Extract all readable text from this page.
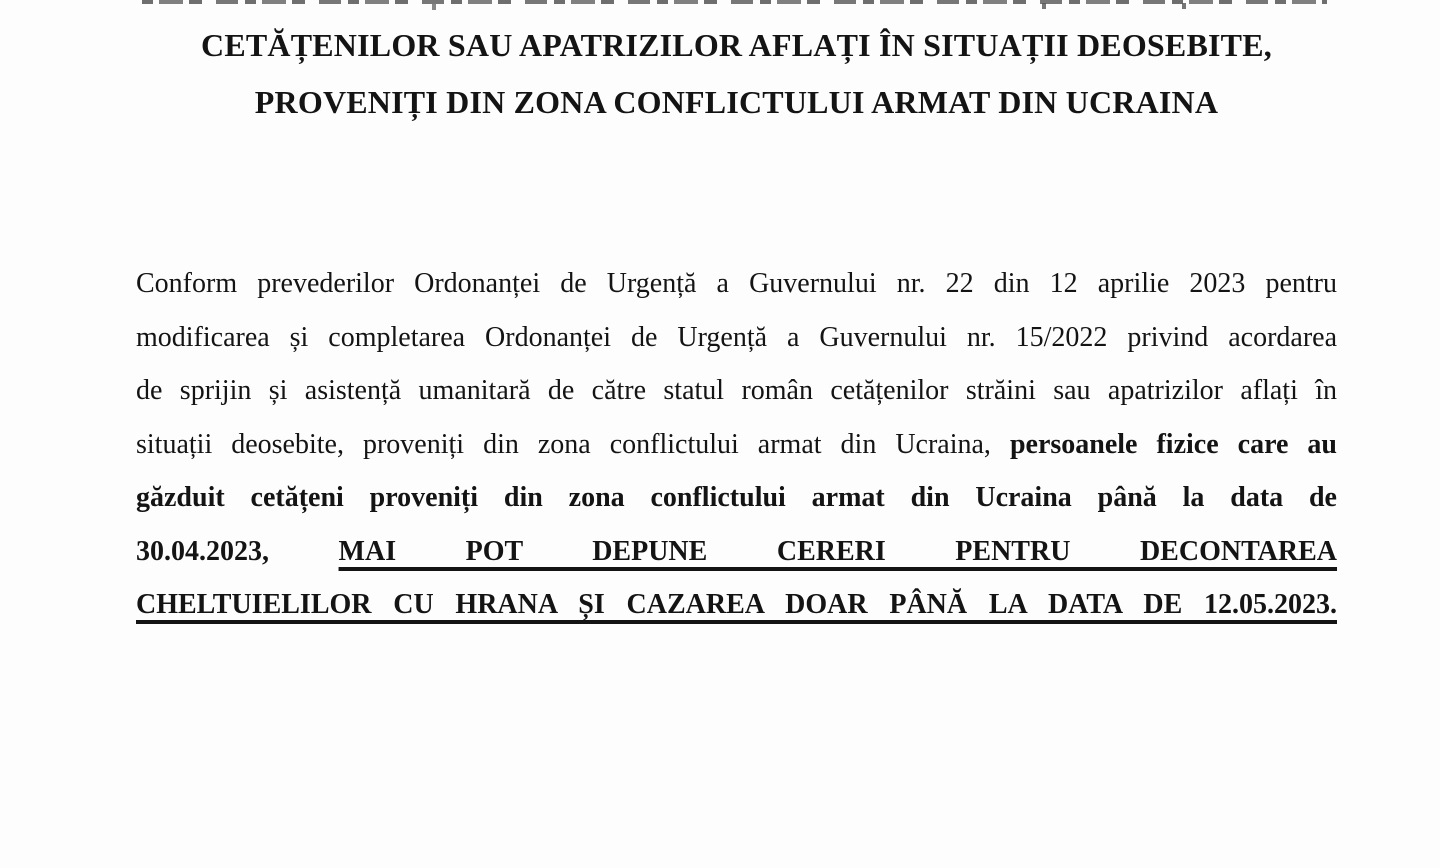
CETĂȚENILOR SAU APATRIZILOR AFLAȚI ÎN SITUAȚII DEOSEBITE,
PROVENIȚI DIN ZONA CONFLICTULUI ARMAT DIN UCRAINA
Conform prevederilor Ordonanței de Urgență a Guvernului nr. 22 din 12 aprilie 2023 pentru
modificarea și completarea Ordonanței de Urgență a Guvernului nr. 15/2022 privind acordarea
de sprijin și asistență umanitară de către statul român cetățenilor străini sau apatrizilor aflați în
situații deosebite, proveniți din zona conflictului armat din Ucraina, persoanele fizice care au
găzduit cetățeni proveniți din zona conflictului armat din Ucraina până la data de
30.04.2023, MAI POT DEPUNE CERERI PENTRU DECONTAREA
CHELTUIELILOR CU HRANA ȘI CAZAREA DOAR PÂNĂ LA DATA DE 12.05.2023.
